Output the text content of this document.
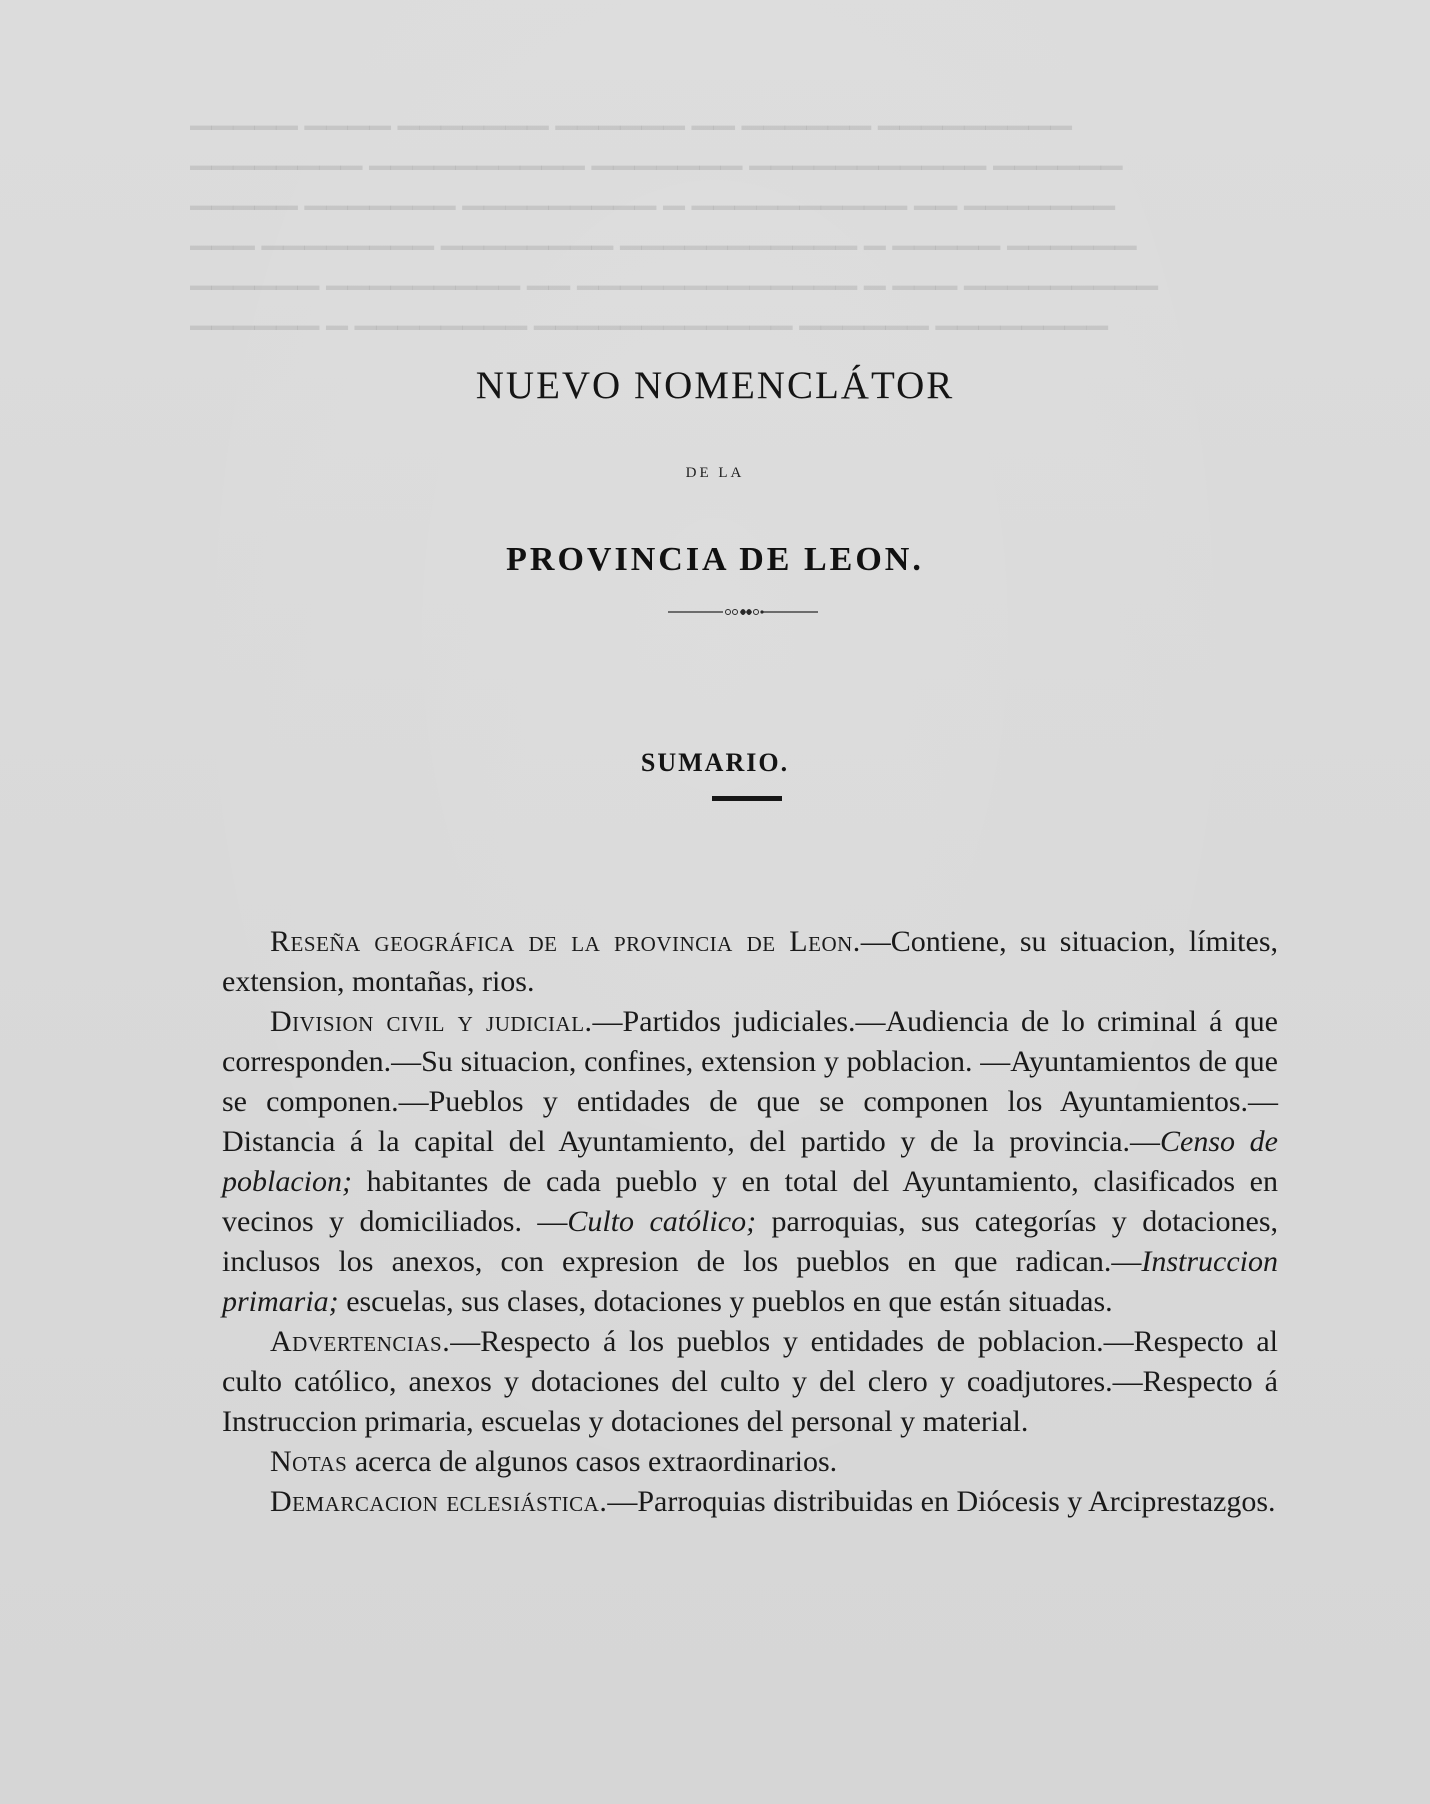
▁▁▁▁▁ ▁▁▁▁ ▁▁▁▁▁▁▁ ▁▁▁▁▁▁ ▁▁ ▁▁▁▁▁▁ ▁▁▁▁▁▁▁▁▁
▁▁▁▁▁▁▁▁ ▁▁▁▁▁▁▁▁▁▁ ▁▁▁▁▁▁▁ ▁▁▁▁▁▁▁▁▁▁▁ ▁▁▁▁▁▁
▁▁▁▁▁ ▁▁▁▁▁▁▁ ▁▁▁▁▁▁▁▁▁ ▁ ▁▁▁▁▁▁▁▁▁▁ ▁▁ ▁▁▁▁▁▁▁
▁▁▁ ▁▁▁▁▁▁▁▁ ▁▁▁▁▁▁▁▁ ▁▁▁▁▁▁▁▁▁▁▁ ▁ ▁▁▁▁▁ ▁▁▁▁▁▁
▁▁▁▁▁▁ ▁▁▁▁▁▁▁▁▁ ▁▁ ▁▁▁▁▁▁▁▁▁▁▁▁▁ ▁ ▁▁▁ ▁▁▁▁▁▁▁▁▁
▁▁▁▁▁▁ ▁ ▁▁▁▁▁▁▁▁ ▁▁▁▁▁▁▁▁▁▁▁▁ ▁▁▁▁▁▁ ▁▁▁▁▁▁▁▁
NUEVO NOMENCLÁTOR
DE LA
PROVINCIA DE LEON.
SUMARIO.

Reseña geográfica de la provincia de Leon.—Contiene, su situacion, límites, extension, montañas, rios.

Division civil y judicial.—Partidos judiciales.—Audiencia de lo criminal á que corresponden.—Su situacion, confines, extension y poblacion. —Ayuntamientos de que se componen.—Pueblos y entidades de que se componen los Ayuntamientos.—Distancia á la capital del Ayuntamiento, del partido y de la provincia.—Censo de poblacion; habitantes de cada pueblo y en total del Ayuntamiento, clasificados en vecinos y domiciliados. —Culto católico; parroquias, sus categorías y dotaciones, inclusos los anexos, con expresion de los pueblos en que radican.—Instruccion primaria; escuelas, sus clases, dotaciones y pueblos en que están situadas.

Advertencias.—Respecto á los pueblos y entidades de poblacion.—Respecto al culto católico, anexos y dotaciones del culto y del clero y coadjutores.—Respecto á Instruccion primaria, escuelas y dotaciones del personal y material.

Notas acerca de algunos casos extraordinarios.

Demarcacion eclesiástica.—Parroquias distribuidas en Diócesis y Arciprestazgos.
